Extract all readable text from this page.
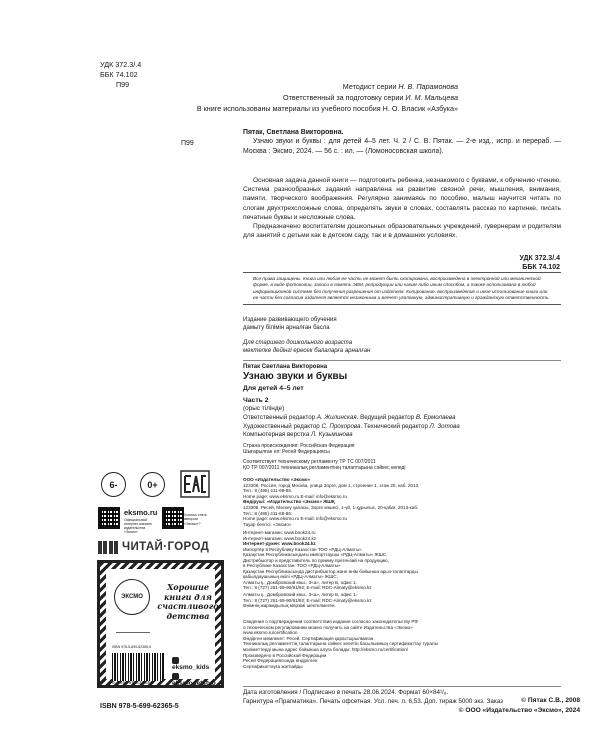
УДК 372.3/.4
ББК 74.102
П99	Методист серии Н. В. Парамонова
Ответственный за подготовку серии И. М. Мальцева
В книге использованы материалы из учебного пособия Н. О. Власик «Азбука»
П99

Пятак, Светлана Викторовна.

Узнаю звуки и буквы : для детей 4–5 лет. Ч. 2 / С. В. Пятак. — 2-е изд., испр. и перераб. — Москва : Эксмо, 2024. — 56 с. : ил. — (Ломоносовская школа).

Основная задача данной книги — подготовить ребенка, незнакомого с буквами, к обучению чтению. Система разнообразных заданий направлена на развитие связной речи, мышления, внимания, памяти, творческого воображения. Регулярно занимаясь по пособию, малыш научится читать по слогам двухтрехсложные слова, определять звуки в словах, составлять рассказ по картинке, писать печатные буквы и несложные слова.

Предназначено воспитателям дошкольных образовательных учреждений, гувернерам и родителям для занятий с детьми как в детском саду, так и в домашних условиях.

УДК 372.3/.4
ББК 74.102

Все права защищены. Книга или любая ее часть не может быть скопирована, воспроизведена в электронной или механической форме, в виде фотокопии, записи в память ЭВМ, репродукции или каким-либо иным способом, а также использована в любой информационной системе без получения разрешения от издателя. Копирование, воспроизведение и иное использование книги или ее части без согласия издателя является незаконным и влечет уголовную, административную и гражданскую ответственность.

Издание развивающего обучения
дамыту білімін арналған басла
Для старшего дошкольного возраста
мектепке дейінгі ересек балаларға арналған
Пятак Светлана Викторовна
Узнаю звуки и буквы
Для детей 4–5 лет
Часть 2
(орыс тілінде)
Ответственный редактор А. Жилинская. Ведущий редактор В. Ермолаева
Художественный редактор С. Прохорова. Технический редактор Л. Зотова
Компьютерная верстка Л. Кузьминова
Страна происхождения: Российская Федерация
Шығарылған ел: Ресей Федерациясы
Соответствует техническому регламенту ТР ТС 007/2011
ҚО ТР 007/2011 техникалық регламентінің талаптарына сәйкес келеді
ООО «Издательство «Эксмо»
123308, Россия, город Москва, улица Зорге, дом 1, строение 1, этаж 20, каб. 2013.
Тел.: 8 (495) 411-68-86.
Home page: www.eksmo.ru E-mail: info@eksmo.ru
Өндіруші: «Издательство «Эксмо» ЖШҚ
123308, Ресей, Мәскеу қаласы, Зорге көшесі, 1-үй, 1-құрылыс, 20-қабат, 2013-каб.
Тел.: 8 (495) 411-68-86.
Home page: www.eksmo.ru E-mail: info@eksmo.ru
Тауар белгісі: «Эксмо»
Интернет-магазин: www.book24.ru
Интернет-магазин: www.book24.kz
Интернет-дүкен: www.book24.kz
Импортёр в Республику Казахстан ТОО «РДЦ-Алматы».
Қазақстан Республикасындағы импорттаушы «РДЦ-Алматы» ЖШС.
Дистрибьютор и представитель по приему претензий на продукцию,
в Республике Казахстан: ТОО «РДЦ-Алматы»
Қазақстан Республикасында дистрибьютор және өнім бойынша арыз-талаптарды
қабылдаушының өкілі «РДЦ-Алматы» ЖШС,
Алматы қ., Домбровский көш., 3«а», литер Б, офис 1.
Тел.: 8 (727) 251-59-90/91/92; E-mail: RDC-Almaty@eksmo.kz
Алматы қ., Домбровский көш., 3«а», литер Б, офис 1.
Тел.: 8 (727) 251-59-90/91/92; E-mail: RDC-Almaty@eksmo.kz
Өнімнің жарамдылық мерзімі шектелмеген.
Сведения о подтверждении соответствия издания согласно законодательству РФ
о техническом регулировании можно получить на сайте Издательства «Эксмо»
www.eksmo.ru/certification
Өндірген мемлекет: Ресей. Сертификация қарастырылмаған
Техникалық регламенттің талаптарына сәйкес келетін басылымның сертификаттау туралы
мәліметтерді мына адрес бойынша алуға болады: http://eksmo.ru/certification/
Произведено в Российской Федерации
Ресей Федерациясында өндірілген
Сертификаттауға жатпайды
Дата изготовления / Подписано в печать 28.06.2024. Формат 60×84¹/₈.
Гарнитура «Прагматика». Печать офсетная. Усл. печ. л. 6,53. Доп. тираж 5000 экз. Заказ
6-	0+
eksmo.ru
Официальный интернет-магазин издательства «Эксмо»
Хочешь стать автором «Эксмо»?
ЧИТАЙ·ГОРОД
ЭКСМО
Хорошие книги для счастливого детства
ISBN 978-5-699-62365-5
9 785699 623655
eksmo_kids
eksmodetstvo
ISBN 978-5-699-62365-5
© Пятак С.В., 2008
© ООО «Издательство «Эксмо», 2024
